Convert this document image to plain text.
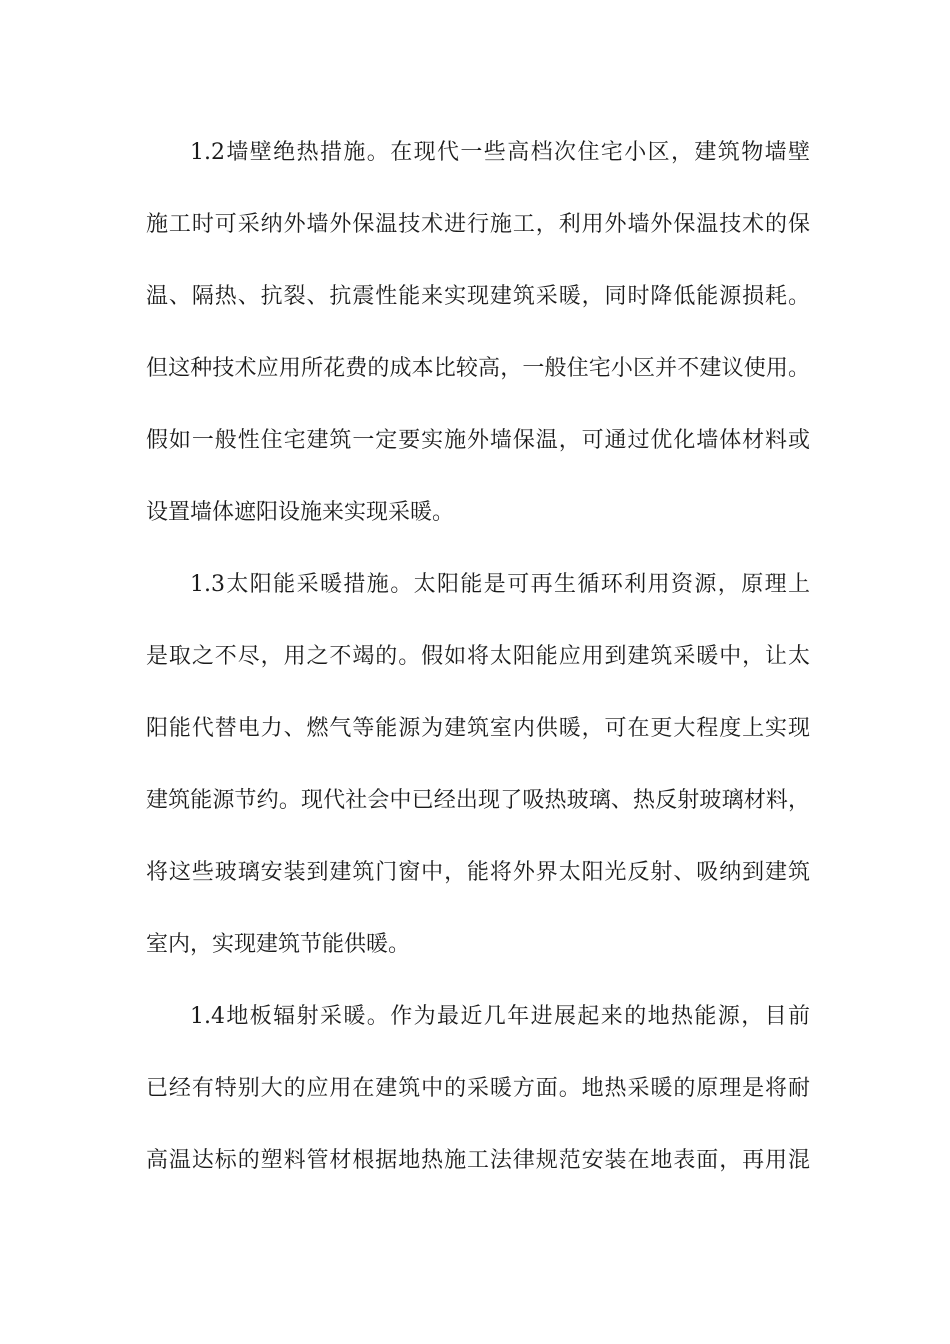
1.2墙壁绝热措施。在现代一些高档次住宅小区，建筑物墙壁
施工时可采纳外墙外保温技术进行施工，利用外墙外保温技术的保
温、隔热、抗裂、抗震性能来实现建筑采暖，同时降低能源损耗。
但这种技术应用所花费的成本比较高，一般住宅小区并不建议使用。
假如一般性住宅建筑一定要实施外墙保温，可通过优化墙体材料或
设置墙体遮阳设施来实现采暖。
1.3太阳能采暖措施。太阳能是可再生循环利用资源，原理上
是取之不尽，用之不竭的。假如将太阳能应用到建筑采暖中，让太
阳能代替电力、燃气等能源为建筑室内供暖，可在更大程度上实现
建筑能源节约。现代社会中已经出现了吸热玻璃、热反射玻璃材料，
将这些玻璃安装到建筑门窗中，能将外界太阳光反射、吸纳到建筑
室内，实现建筑节能供暖。
1.4地板辐射采暖。作为最近几年进展起来的地热能源，目前
已经有特别大的应用在建筑中的采暖方面。地热采暖的原理是将耐
高温达标的塑料管材根据地热施工法律规范安装在地表面，再用混
